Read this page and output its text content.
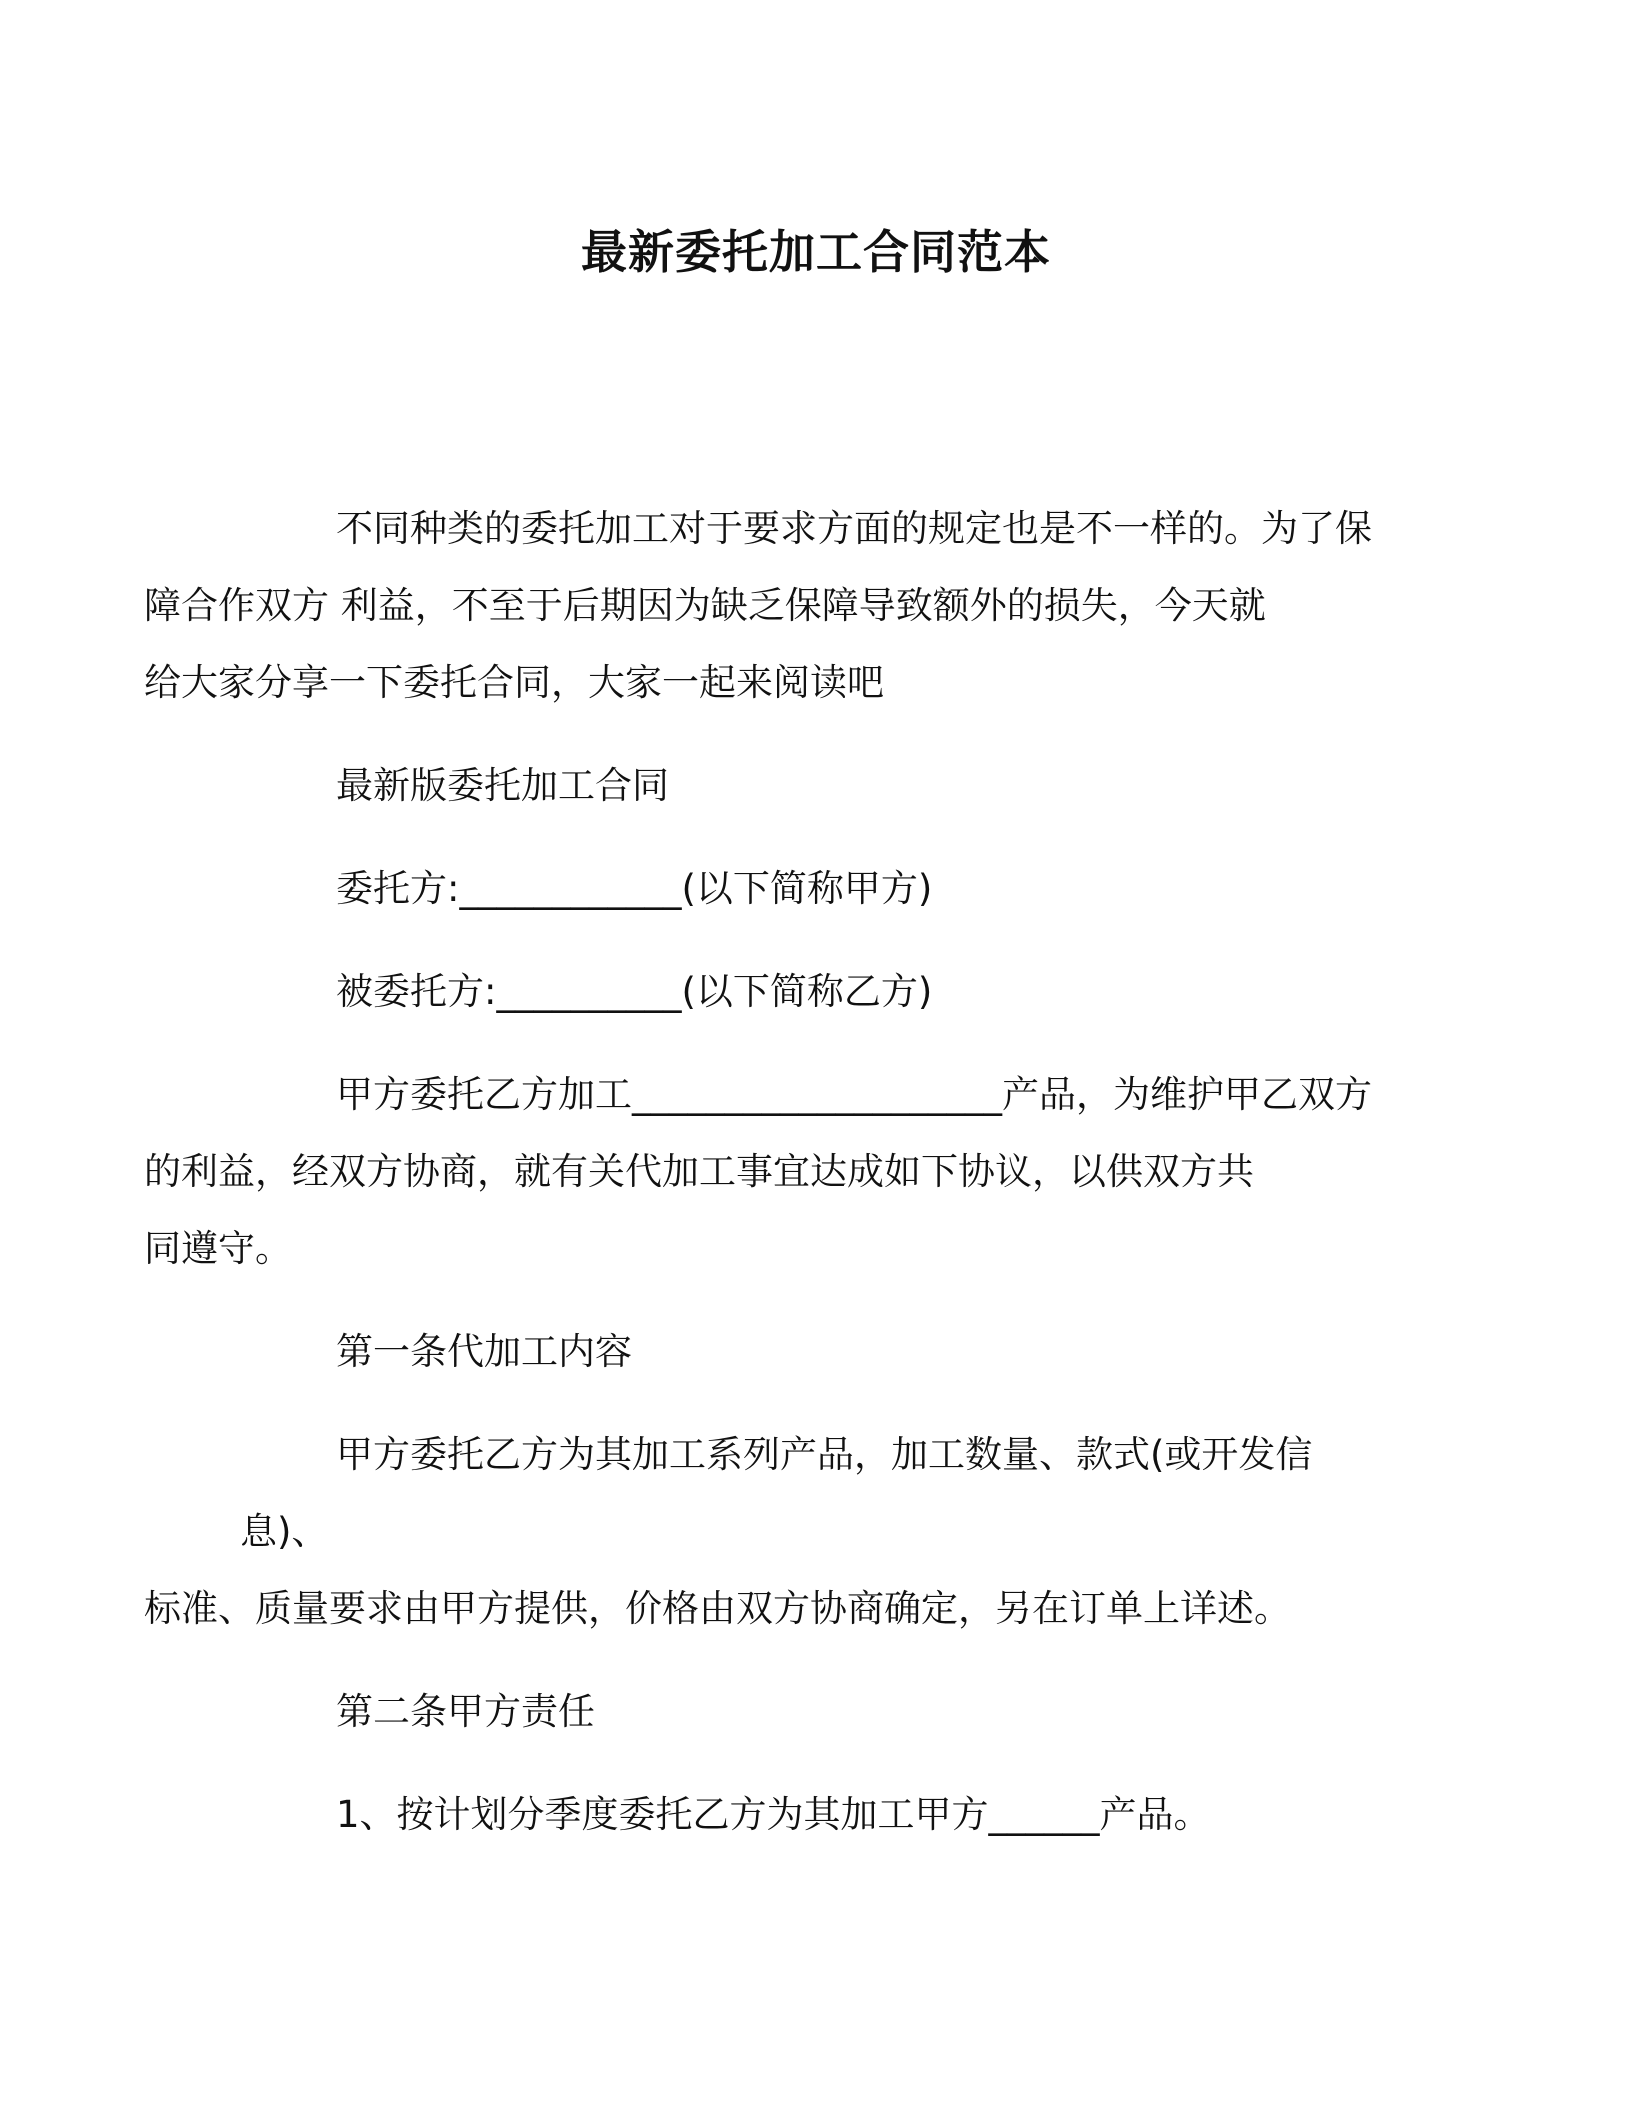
最新委托加工合同范本

不同种类的委托加工对于要求方面的规定也是不一样的。为了保
障合作双方 利益，不至于后期因为缺乏保障导致额外的损失，今天就
给大家分享一下委托合同，大家一起来阅读吧

最新版委托加工合同

委托方:____________(以下简称甲方)

被委托方:__________(以下简称乙方)

甲方委托乙方加工____________________产品，为维护甲乙双方
的利益，经双方协商，就有关代加工事宜达成如下协议，以供双方共
同遵守。

第一条代加工内容

甲方委托乙方为其加工系列产品，加工数量、款式(或开发信息)、
标准、质量要求由甲方提供，价格由双方协商确定，另在订单上详述。

第二条甲方责任

1、按计划分季度委托乙方为其加工甲方______产品。
